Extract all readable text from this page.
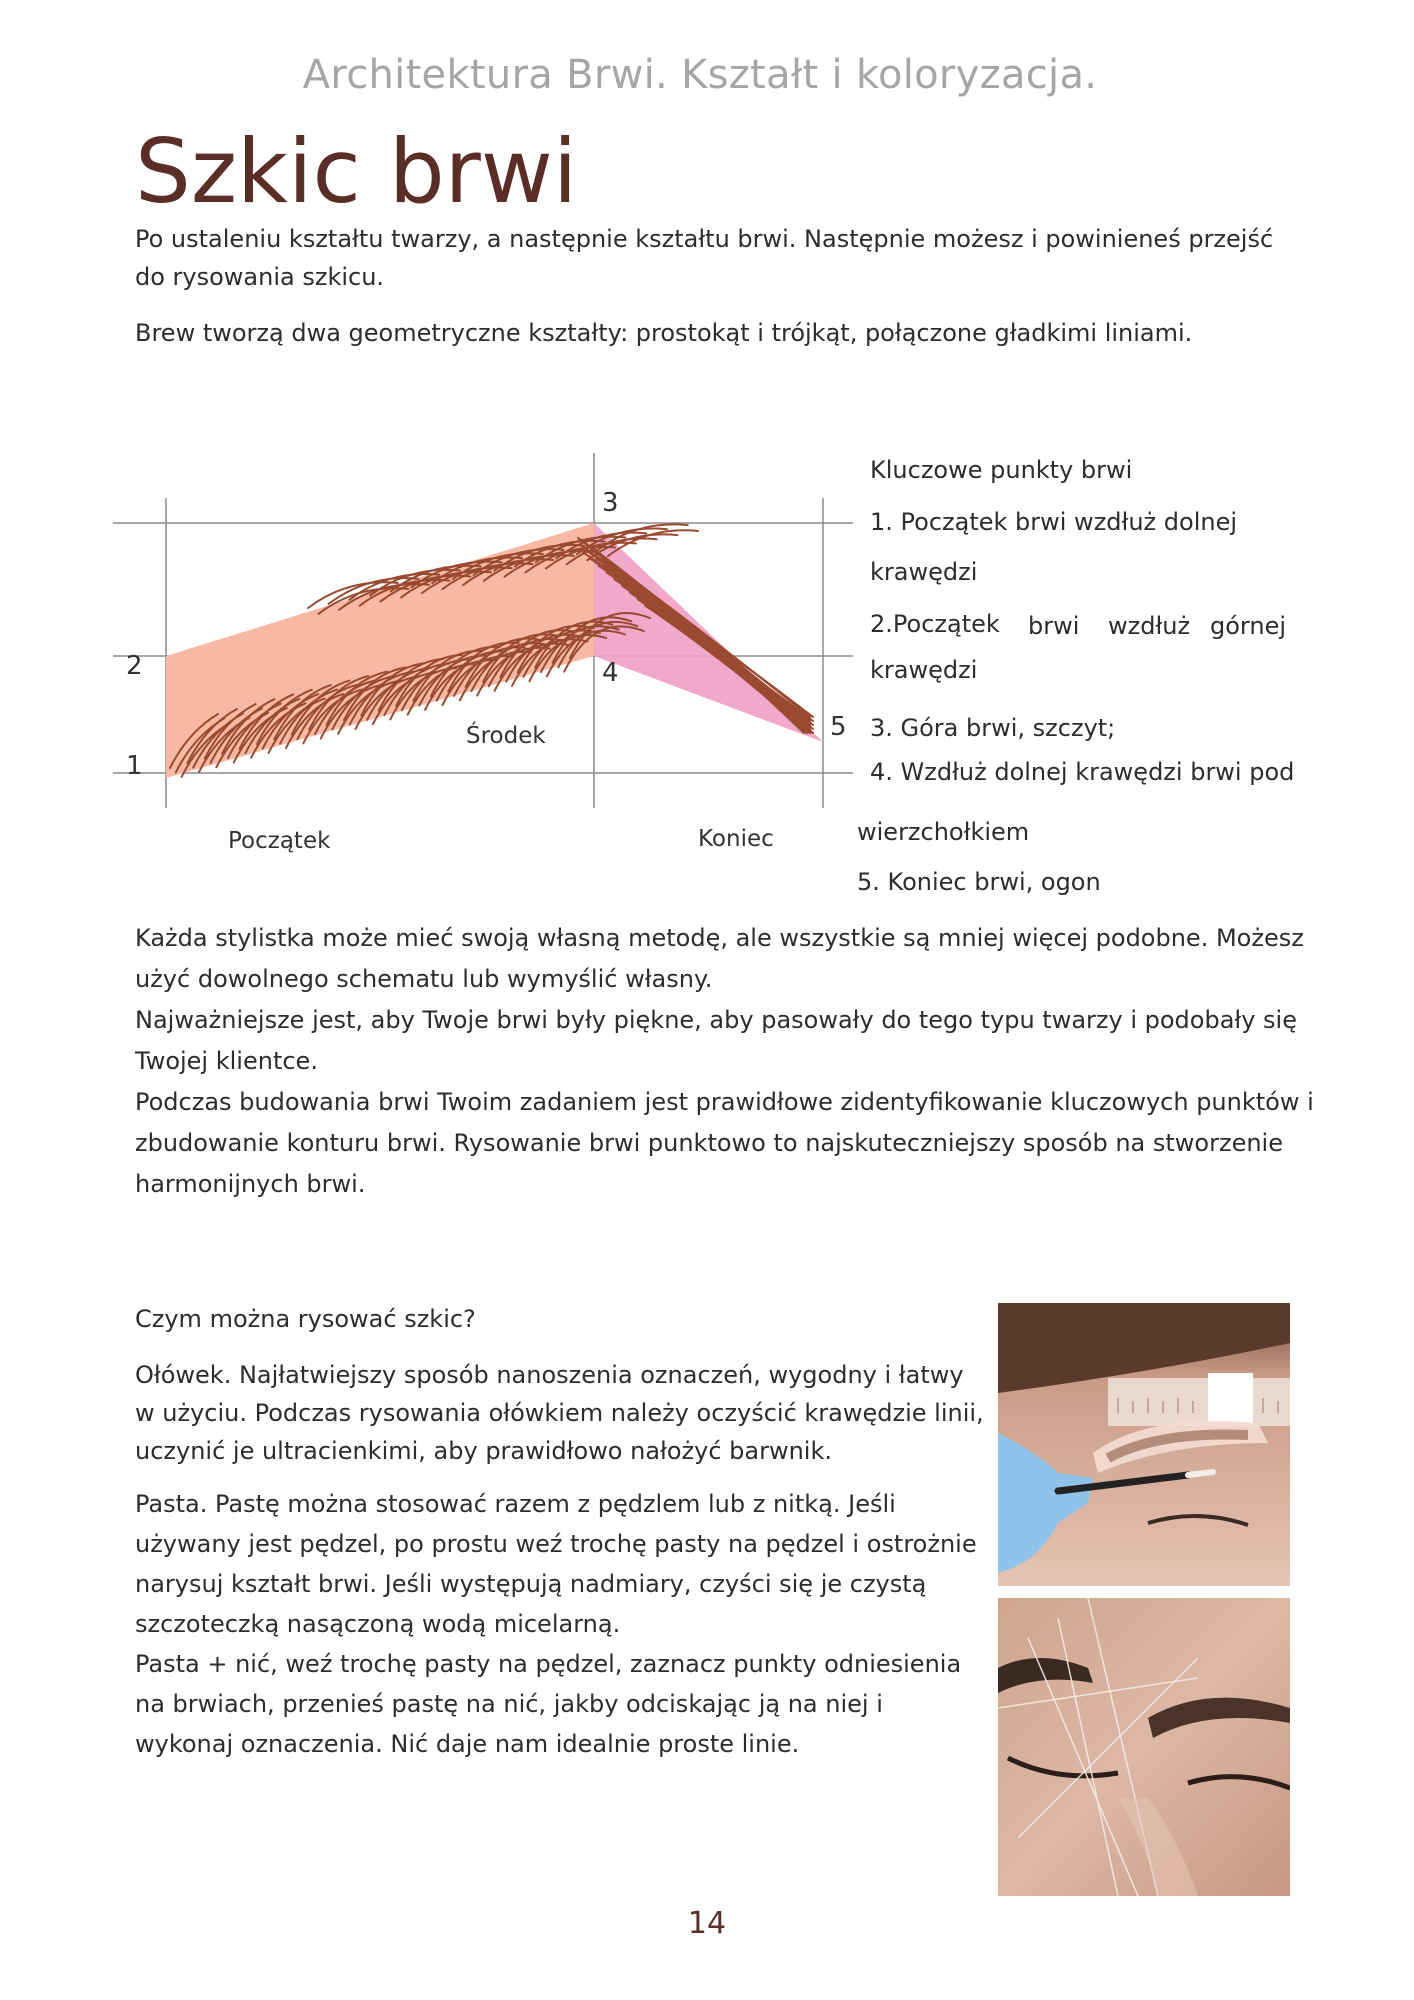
Architektura Brwi. Kształt i koloryzacja.
Szkic brwi

Po ustaleniu kształtu twarzy, a następnie kształtu brwi. Następnie możesz i powinieneś przejść do rysowania szkicu.

Brew tworzą dwa geometryczne kształty: prostokąt i trójkąt, połączone gładkimi liniami.

1
2
3
4
5
Środek
Początek	Koniec
Kluczowe punkty brwi
1. Początek brwi wzdłuż dolnej
krawędzi
2.Początek brwi wzdłuż górnej
krawędzi
3. Góra brwi, szczyt;
4. Wzdłuż dolnej krawędzi brwi pod
wierzchołkiem
5. Koniec brwi, ogon

Każda stylistka może mieć swoją własną metodę, ale wszystkie są mniej więcej podobne. Możesz użyć dowolnego schematu lub wymyślić własny.

Najważniejsze jest, aby Twoje brwi były piękne, aby pasowały do tego typu twarzy i podobały się Twojej klientce.

Podczas budowania brwi Twoim zadaniem jest prawidłowe zidentyfikowanie kluczowych punktów i zbudowanie konturu brwi. Rysowanie brwi punktowo to najskuteczniejszy sposób na stworzenie harmonijnych brwi.

Czym można rysować szkic?

Ołówek. Najłatwiejszy sposób nanoszenia oznaczeń, wygodny i łatwy w użyciu. Podczas rysowania ołówkiem należy oczyścić krawędzie linii, uczynić je ultracienkimi, aby prawidłowo nałożyć barwnik.

Pasta. Pastę można stosować razem z pędzlem lub z nitką. Jeśli używany jest pędzel, po prostu weź trochę pasty na pędzel i ostrożnie narysuj kształt brwi. Jeśli występują nadmiary, czyści się je czystą szczoteczką nasączoną wodą micelarną.

Pasta + nić, weź trochę pasty na pędzel, zaznacz punkty odniesienia na brwiach, przenieś pastę na nić, jakby odciskając ją na niej i wykonaj oznaczenia. Nić daje nam idealnie proste linie.

14
